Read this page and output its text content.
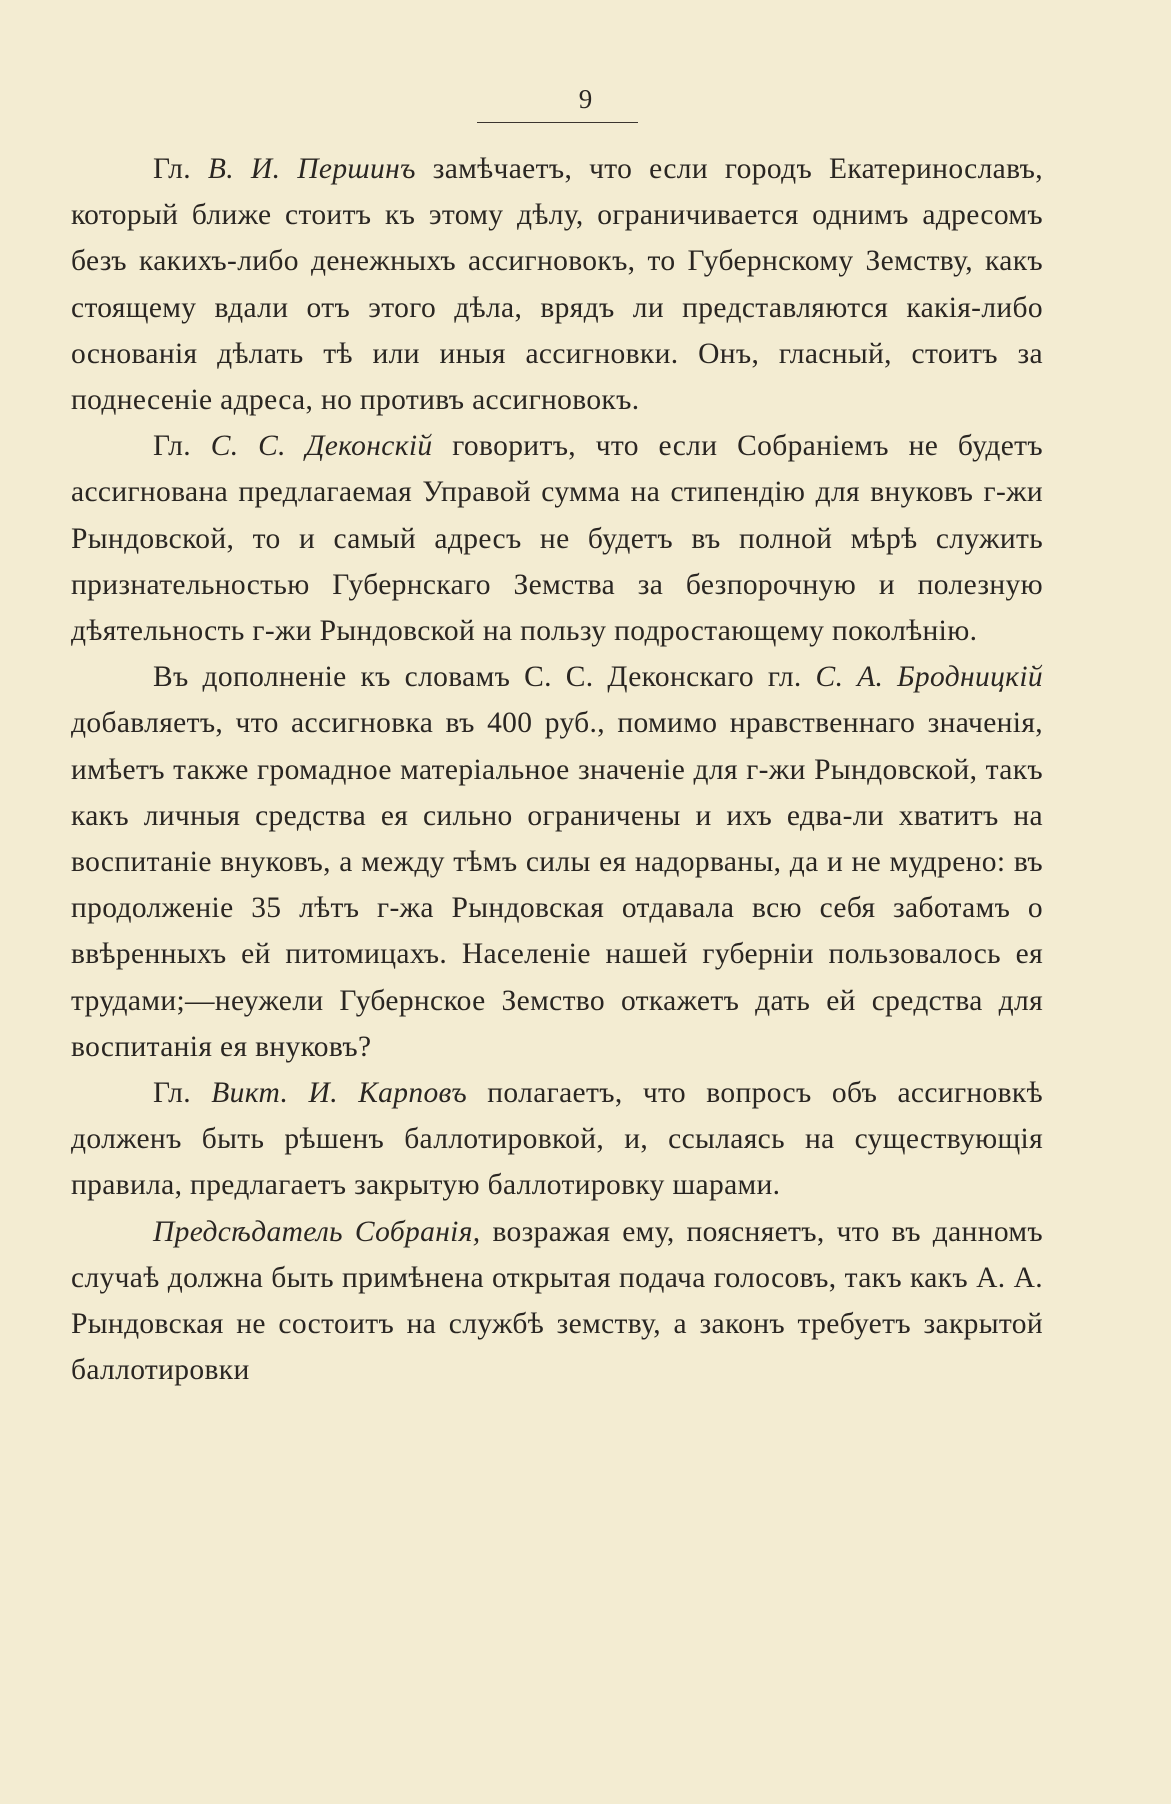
9

Гл. В. И. Першинъ замѣчаетъ, что если городъ Екатеринославъ, который ближе стоитъ къ этому дѣлу, ограничивается однимъ адресомъ безъ какихъ-либо денежныхъ ассигновокъ, то Губернскому Земству, какъ стоящему вдали отъ этого дѣла, врядъ ли представляются какія-либо основанія дѣлать тѣ или иныя ассигновки. Онъ, гласный, стоитъ за поднесеніе адреса, но противъ ассигновокъ.

Гл. С. С. Деконскій говоритъ, что если Собраніемъ не будетъ ассигнована предлагаемая Управой сумма на стипендію для внуковъ г-жи Рындовской, то и самый адресъ не будетъ въ полной мѣрѣ служить признательностью Губернскаго Земства за безпорочную и полезную дѣятельность г-жи Рындовской на пользу подростающему поколѣнію.

Въ дополненіе къ словамъ С. С. Деконскаго гл. С. А. Бродницкій добавляетъ, что ассигновка въ 400 руб., помимо нравственнаго значенія, имѣетъ также громадное матеріальное значеніе для г-жи Рындовской, такъ какъ личныя средства ея сильно ограничены и ихъ едва-ли хватитъ на воспитаніе внуковъ, а между тѣмъ силы ея надорваны, да и не мудрено: въ продолженіе 35 лѣтъ г-жа Рындовская отдавала всю себя заботамъ о ввѣренныхъ ей питомицахъ. Населеніе нашей губерніи пользовалось ея трудами;—неужели Губернское Земство откажетъ дать ей средства для воспитанія ея внуковъ?

Гл. Викт. И. Карповъ полагаетъ, что вопросъ объ ассигновкѣ долженъ быть рѣшенъ баллотировкой, и, ссылаясь на существующія правила, предлагаетъ закрытую баллотировку шарами.

Предсѣдатель Собранія, возражая ему, поясняетъ, что въ данномъ случаѣ должна быть примѣнена открытая подача голосовъ, такъ какъ А. А. Рындовская не состоитъ на службѣ земству, а законъ требуетъ закрытой баллотировки
